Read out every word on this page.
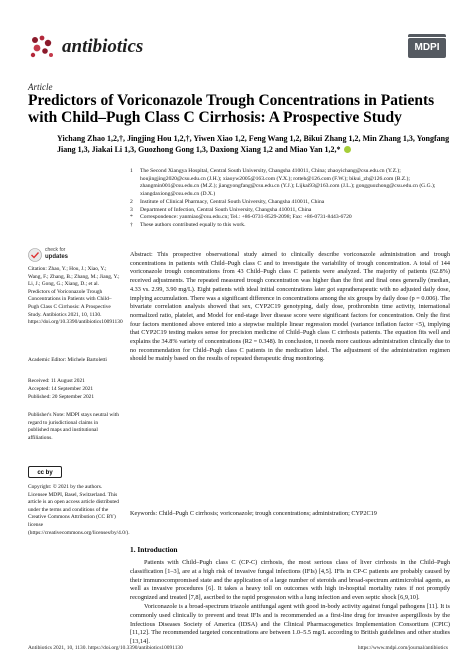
antibiotics	MDPI
Article
Predictors of Voriconazole Trough Concentrations in Patients with Child–Pugh Class C Cirrhosis: A Prospective Study
Yichang Zhao 1,2,†, Jingjing Hou 1,2,†, Yiwen Xiao 1,2, Feng Wang 1,2, Bikui Zhang 1,2, Min Zhang 1,3, Yongfang Jiang 1,3, Jiakai Li 1,3, Guozhong Gong 1,3, Daxiong Xiang 1,2 and Miao Yan 1,2,*
1	The Second Xiangya Hospital, Central South University, Changsha 410011, China; zhaoyichang@csu.edu.cn (Y.Z.); houjingjing2020@csu.edu.cn (J.H.); xiaoyw2005@163.com (Y.X.); rotteh@126.com (F.W.); bikui_zh@126.com (B.Z.); zhangmin001@csu.edu.cn (M.Z.); jiangyongfang@csu.edu.cn (Y.J.); Lijkai93@163.com (J.L.); gongguozhong@csu.edu.cn (G.G.); xiangdaxiong@csu.edu.cn (D.X.)
2	Institute of Clinical Pharmacy, Central South University, Changsha 410011, China
3	Department of Infection, Central South University, Changsha 410011, China
*	Correspondence: yanmiao@csu.edu.cn; Tel.: +86-0731-8529-2098; Fax: +86-0731-8443-6720
†	These authors contributed equally to this work.
check for
updates
Citation: Zhao, Y.; Hou, J.; Xiao, Y.; Wang, F.; Zhang, B.; Zhang, M.; Jiang, Y.; Li, J.; Gong, G.; Xiang, D.; et al. Predictors of Voriconazole Trough Concentrations in Patients with Child–Pugh Class C Cirrhosis: A Prospective Study. Antibiotics 2021, 10, 1130. https://doi.org/10.3390/antibiotics10091130
Academic Editor: Michele Bartoletti
Received: 11 August 2021
Accepted: 14 September 2021
Published: 20 September 2021
Publisher's Note: MDPI stays neutral with regard to jurisdictional claims in published maps and institutional affiliations.
cc by
Copyright: © 2021 by the authors. Licensee MDPI, Basel, Switzerland. This article is an open access article distributed under the terms and conditions of the Creative Commons Attribution (CC BY) license (https://creativecommons.org/licenses/by/4.0/).
Abstract: This prospective observational study aimed to clinically describe voriconazole administration and trough concentrations in patients with Child–Pugh class C and to investigate the variability of trough concentration. A total of 144 voriconazole trough concentrations from 43 Child–Pugh class C patients were analyzed. The majority of patients (62.8%) received adjustments. The repeated measured trough concentration was higher than the first and final ones generally (median, 4.33 vs. 2.99, 3.90 mg/L). Eight patients with ideal initial concentrations later got supratherapeutic with no adjusted daily dose, implying accumulation. There was a significant difference in concentrations among the six groups by daily dose (p = 0.006). The bivariate correlation analysis showed that sex, CYP2C19 genotyping, daily dose, prothrombin time activity, international normalized ratio, platelet, and Model for end-stage liver disease score were significant factors for concentration. Only the first four factors mentioned above entered into a stepwise multiple linear regression model (variance inflation factor <5), implying that CYP2C19 testing makes sense for precision medicine of Child–Pugh class C cirrhosis patients. The equation fits well and explains the 34.8% variety of concentrations (R2 = 0.348). In conclusion, it needs more cautious administration clinically due to no recommendation for Child–Pugh class C patients in the medication label. The adjustment of the administration regimen should be mainly based on the results of repeated therapeutic drug monitoring.
Keywords: Child–Pugh C cirrhosis; voriconazole; trough concentrations; administration; CYP2C19
1. Introduction

Patients with Child–Pugh class C (CP-C) cirrhosis, the most serious class of liver cirrhosis in the Child–Pugh classification [1–3], are at a high risk of invasive fungal infections (IFIs) [4,5]. IFIs in CP-C patients are probably caused by their immunocompromised state and the application of a large number of steroids and broad-spectrum antimicrobial agents, as well as invasive procedures [6]. It takes a heavy toll on outcomes with high in-hospital mortality rates if not promptly recognized and treated [7,8], ascribed to the rapid progression with a lung infection and even septic shock [6,9,10].

Voriconazole is a broad-spectrum triazole antifungal agent with good in-body activity against fungal pathogens [11]. It is commonly used clinically to prevent and treat IFIs and is recommended as a first-line drug for invasive aspergillosis by the Infectious Diseases Society of America (IDSA) and the Clinical Pharmacogenetics Implementation Consortium (CPIC) [11,12]. The recommended targeted concentrations are between 1.0–5.5 mg/L according to British guidelines and other studies [13,14].

Antibiotics 2021, 10, 1130. https://doi.org/10.3390/antibiotics10091130	https://www.mdpi.com/journal/antibiotics
